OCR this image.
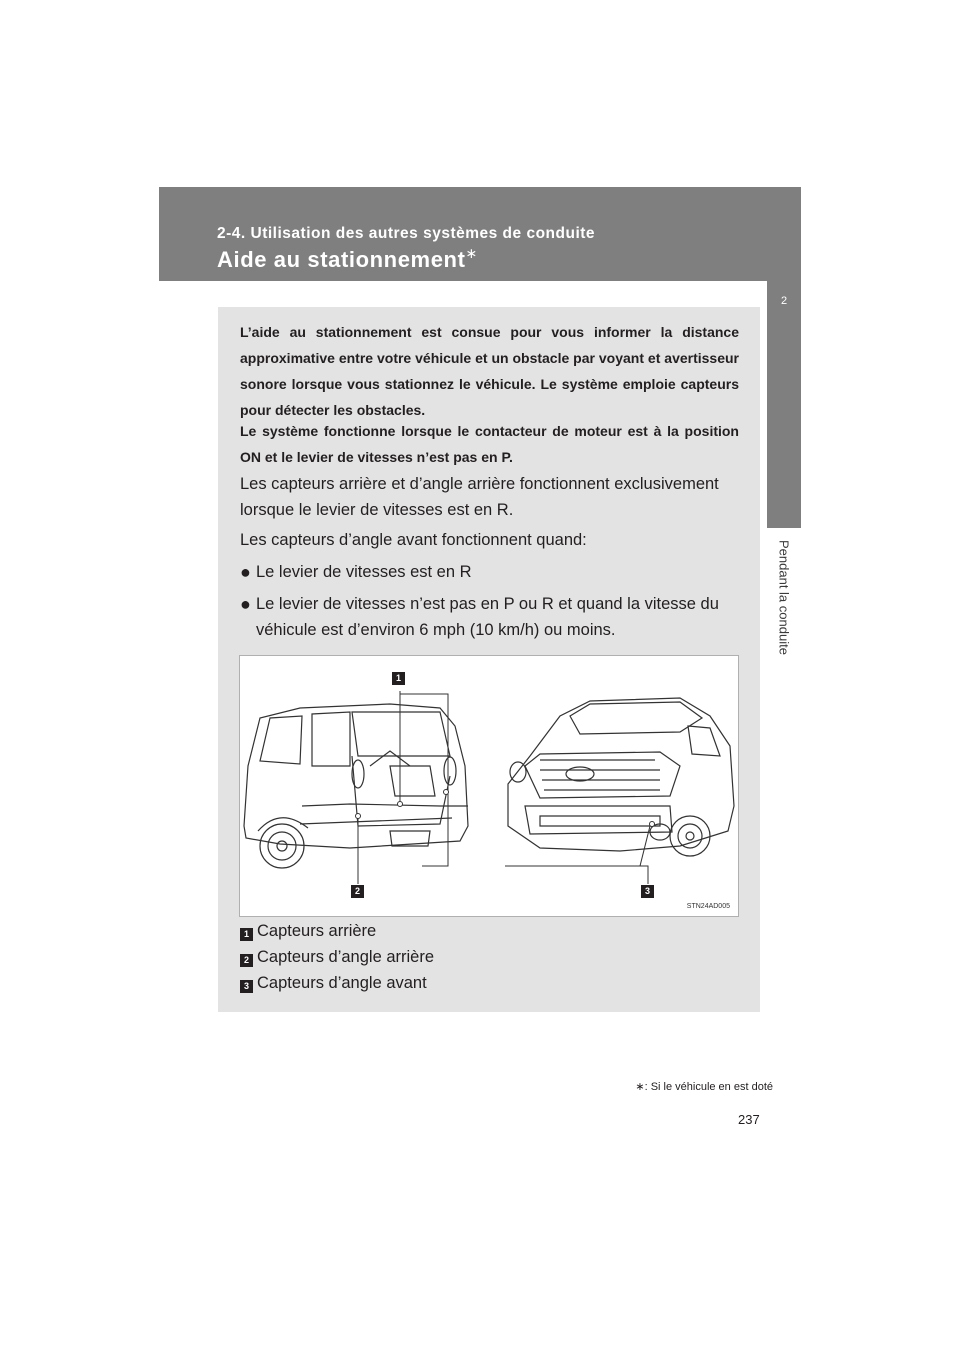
2-4. Utilisation des autres systèmes de conduite
Aide au stationnement∗
2
Pendant la conduite

L’aide au stationnement est consue pour vous informer la distance approximative entre votre véhicule et un obstacle par voyant et avertisseur sonore lorsque vous stationnez le véhicule. Le système emploie capteurs pour détecter les obstacles.

Le système fonctionne lorsque le contacteur de moteur est à la position ON et le levier de vitesses n’est pas en P.

Les capteurs arrière et d’angle arrière fonctionnent exclusivement lorsque le levier de vitesses est en R.

Les capteurs d’angle avant fonctionnent quand:

● Le levier de vitesses est en R
● Le levier de vitesses n’est pas en P ou R et quand la vitesse du véhicule est d’environ 6 mph (10 km/h) ou moins.
1
2	3
STN24AD005
1 Capteurs arrière
2 Capteurs d’angle arrière
3 Capteurs d’angle avant
∗: Si le véhicule en est doté
237
